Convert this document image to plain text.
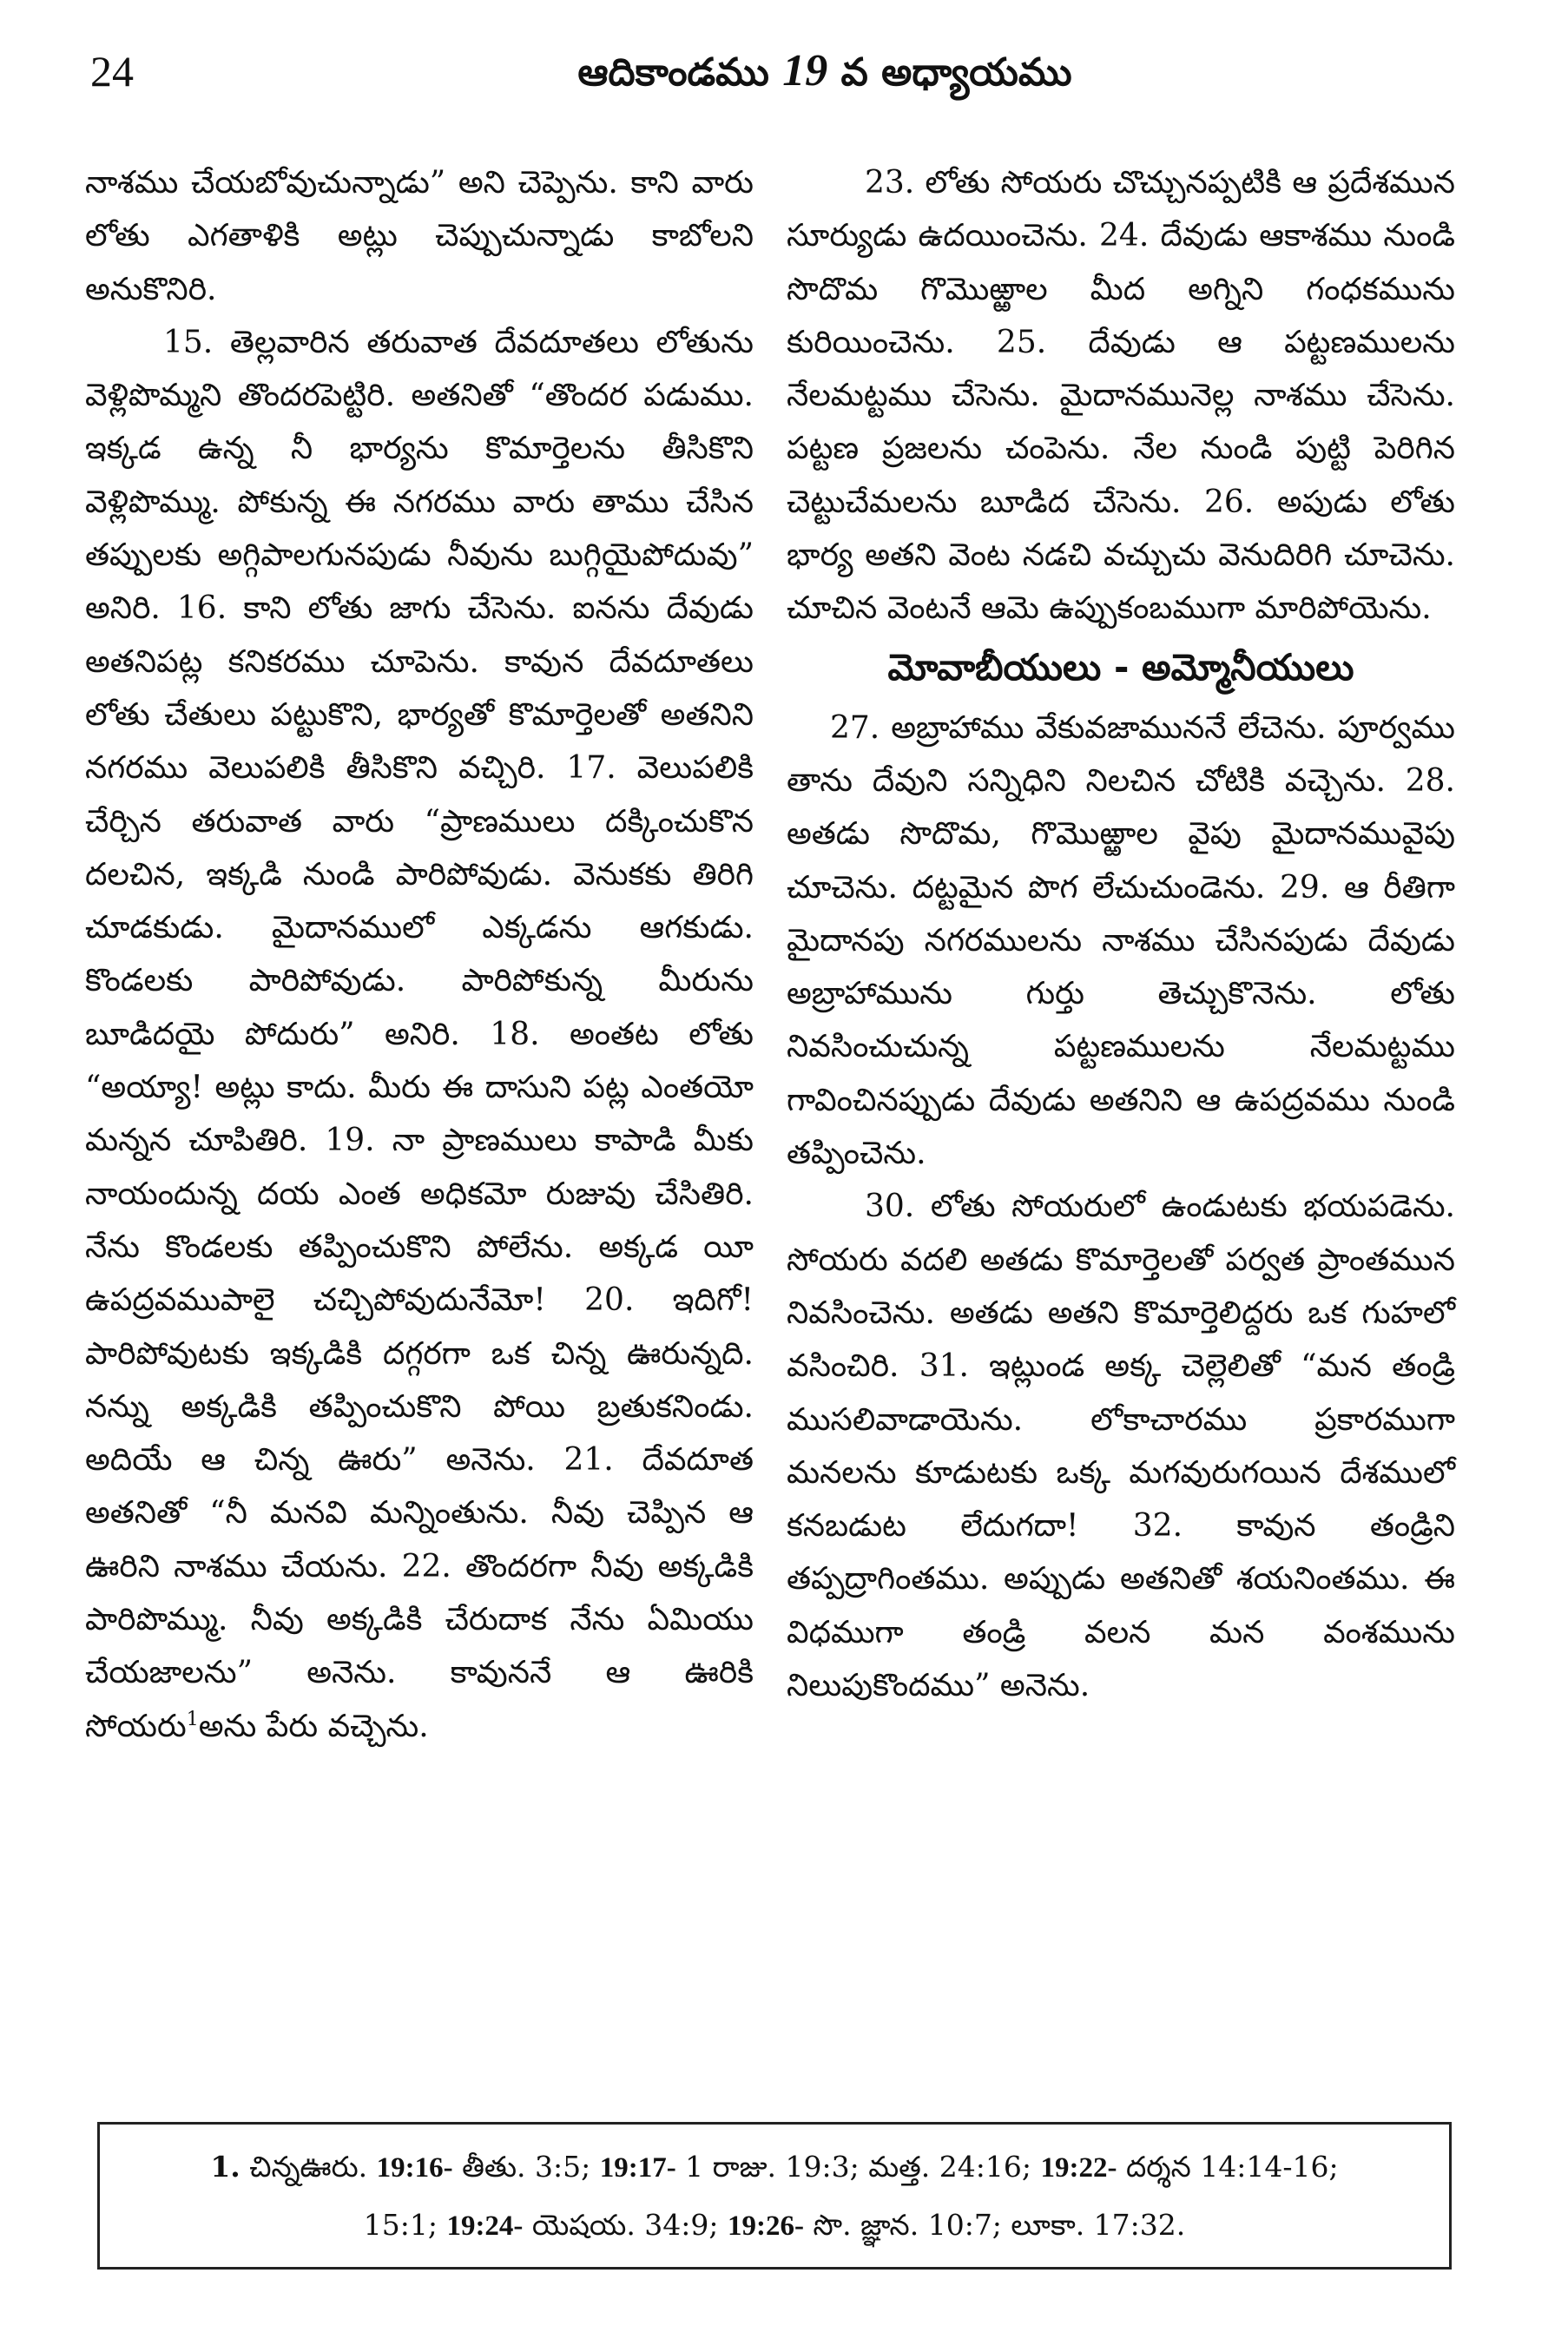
24	ఆదికాండము 19 వ అధ్యాయము

నాశము చేయబోవుచున్నాడు” అని చెప్పెను. కాని వారు లోతు ఎగతాళికి అట్లు చెప్పుచున్నాడు కాబోలని అనుకొనిరి.

15. తెల్లవారిన తరువాత దేవదూతలు లోతును వెళ్లిపొమ్మని తొందరపెట్టిరి. అతనితో “తొందర పడుము. ఇక్కడ ఉన్న నీ భార్యను కొమార్తెలను తీసికొని వెళ్లిపొమ్ము. పోకున్న ఈ నగరము వారు తాము చేసిన తప్పులకు అగ్గిపాలగునపుడు నీవును బుగ్గియైపోదువు” అనిరి. 16. కాని లోతు జాగు చేసెను. ఐనను దేవుడు అతనిపట్ల కనికరము చూపెను. కావున దేవదూతలు లోతు చేతులు పట్టుకొని, భార్యతో కొమార్తెలతో అతనిని నగరము వెలుపలికి తీసికొని వచ్చిరి. 17. వెలుపలికి చేర్చిన తరువాత వారు “ప్రాణములు దక్కించుకొన దలచిన, ఇక్కడి నుండి పారిపోవుడు. వెనుకకు తిరిగి చూడకుడు. మైదానములో ఎక్కడను ఆగకుడు. కొండలకు పారిపోవుడు. పారిపోకున్న మీరును బూడిదయై పోదురు” అనిరి. 18. అంతట లోతు “అయ్యా! అట్లు కాదు. మీరు ఈ దాసుని పట్ల ఎంతయో మన్నన చూపితిరి. 19. నా ప్రాణములు కాపాడి మీకు నాయందున్న దయ ఎంత అధికమో రుజువు చేసితిరి. నేను కొండలకు తప్పించుకొని పోలేను. అక్కడ యీ ఉపద్రవముపాలై చచ్చిపోవుదునేమో! 20. ఇదిగో! పారిపోవుటకు ఇక్కడికి దగ్గరగా ఒక చిన్న ఊరున్నది. నన్ను అక్కడికి తప్పించుకొని పోయి బ్రతుకనిండు. అదియే ఆ చిన్న ఊరు” అనెను. 21. దేవదూత అతనితో “నీ మనవి మన్నింతును. నీవు చెప్పిన ఆ ఊరిని నాశము చేయను. 22. తొందరగా నీవు అక్కడికి పారిపొమ్ము. నీవు అక్కడికి చేరుదాక నేను ఏమియు చేయజాలను” అనెను. కావుననే ఆ ఊరికి సోయరు$^1$అను పేరు వచ్చెను.

23. లోతు సోయరు చొచ్చునప్పటికి ఆ ప్రదేశమున సూర్యుడు ఉదయించెను. 24. దేవుడు ఆకాశము నుండి సొదొమ గొమొఱ్ఱాల మీద అగ్నిని గంధకమును కురియించెను. 25. దేవుడు ఆ పట్టణములను నేలమట్టము చేసెను. మైదానమునెల్ల నాశము చేసెను. పట్టణ ప్రజలను చంపెను. నేల నుండి పుట్టి పెరిగిన చెట్టుచేమలను బూడిద చేసెను. 26. అపుడు లోతు భార్య అతని వెంట నడచి వచ్చుచు వెనుదిరిగి చూచెను. చూచిన వెంటనే ఆమె ఉప్పుకంబముగా మారిపోయెను.

మోవాబీయులు - అమ్మోనీయులు

27. అబ్రాహాము వేకువజాముననే లేచెను. పూర్వము తాను దేవుని సన్నిధిని నిలచిన చోటికి వచ్చెను. 28. అతడు సొదొమ, గొమొఱ్ఱాల వైపు మైదానమువైపు చూచెను. దట్టమైన పొగ లేచుచుండెను. 29. ఆ రీతిగా మైదానపు నగరములను నాశము చేసినపుడు దేవుడు అబ్రాహామును గుర్తు తెచ్చుకొనెను. లోతు నివసించుచున్న పట్టణములను నేలమట్టము గావించినప్పుడు దేవుడు అతనిని ఆ ఉపద్రవము నుండి తప్పించెను.

30. లోతు సోయరులో ఉండుటకు భయపడెను. సోయరు వదలి అతడు కొమార్తెలతో పర్వత ప్రాంతమున నివసించెను. అతడు అతని కొమార్తెలిద్దరు ఒక గుహలో వసించిరి. 31. ఇట్లుండ అక్క చెల్లెలితో “మన తండ్రి ముసలివాడాయెను. లోకాచారము ప్రకారముగా మనలను కూడుటకు ఒక్క మగవురుగయిన దేశములో కనబడుట లేదుగదా! 32. కావున తండ్రిని తప్పద్రాగింతము. అప్పుడు అతనితో శయనింతము. ఈ విధముగా తండ్రి వలన మన వంశమును నిలుపుకొందము” అనెను.

1. చిన్నఊరు. 19:16- తీతు. 3:5; 19:17- 1 రాజు. 19:3; మత్త. 24:16; 19:22- దర్శన 14:14-16;

15:1; 19:24- యెషయ. 34:9; 19:26- సొ. జ్ఞాన. 10:7; లూకా. 17:32.
